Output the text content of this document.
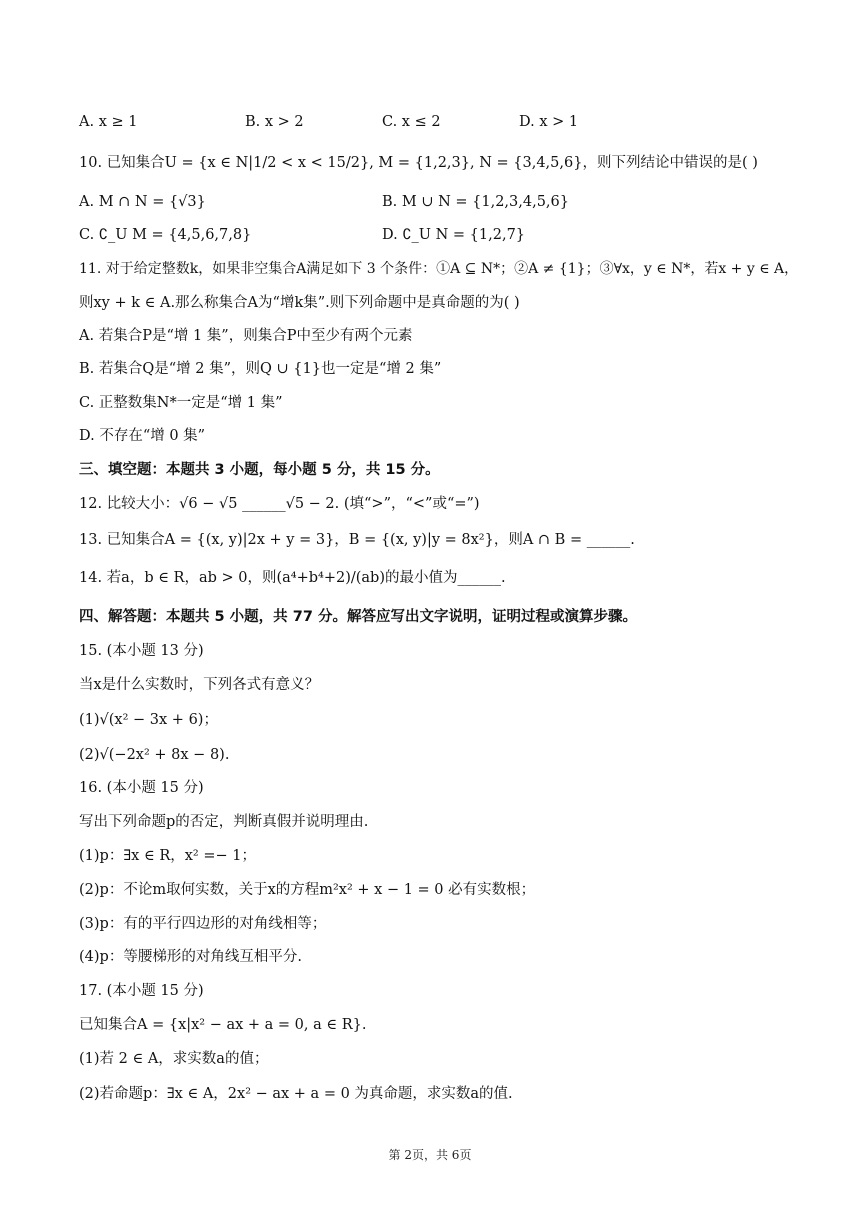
A. x ≥ 1	B. x > 2	C. x ≤ 2	D. x > 1
10. 已知集合U = {x ∈ N|1/2 < x < 15/2}, M = {1,2,3}, N = {3,4,5,6}，则下列结论中错误的是( )
A. M ∩ N = {√3}	B. M ∪ N = {1,2,3,4,5,6}
C. ∁_U M = {4,5,6,7,8}	D. ∁_U N = {1,2,7}
11. 对于给定整数k，如果非空集合A满足如下 3 个条件：①A ⊆ N*；②A ≠ {1}；③∀x，y ∈ N*，若x + y ∈ A，
则xy + k ∈ A.那么称集合A为“增k集”.则下列命题中是真命题的为( )
A. 若集合P是“增 1 集”，则集合P中至少有两个元素
B. 若集合Q是“增 2 集”，则Q ∪ {1}也一定是“增 2 集”
C. 正整数集N*一定是“增 1 集”
D. 不存在“增 0 集”
三、填空题：本题共 3 小题，每小题 5 分，共 15 分。
12. 比较大小：√6 − √5 ______√5 − 2. (填“>”，“<”或“=”)
13. 已知集合A = {(x, y)|2x + y = 3}，B = {(x, y)|y = 8x²}，则A ∩ B = ______.
14. 若a，b ∈ R，ab > 0，则(a⁴+b⁴+2)/(ab)的最小值为______.
四、解答题：本题共 5 小题，共 77 分。解答应写出文字说明，证明过程或演算步骤。
15. (本小题 13 分)
当x是什么实数时，下列各式有意义？
(1)√(x² − 3x + 6)；
(2)√(−2x² + 8x − 8).
16. (本小题 15 分)
写出下列命题p的否定，判断真假并说明理由.
(1)p：∃x ∈ R，x² =− 1；
(2)p：不论m取何实数，关于x的方程m²x² + x − 1 = 0 必有实数根；
(3)p：有的平行四边形的对角线相等；
(4)p：等腰梯形的对角线互相平分.
17. (本小题 15 分)
已知集合A = {x|x² − ax + a = 0, a ∈ R}.
(1)若 2 ∈ A，求实数a的值；
(2)若命题p：∃x ∈ A，2x² − ax + a = 0 为真命题，求实数a的值.
第 2页，共 6页
